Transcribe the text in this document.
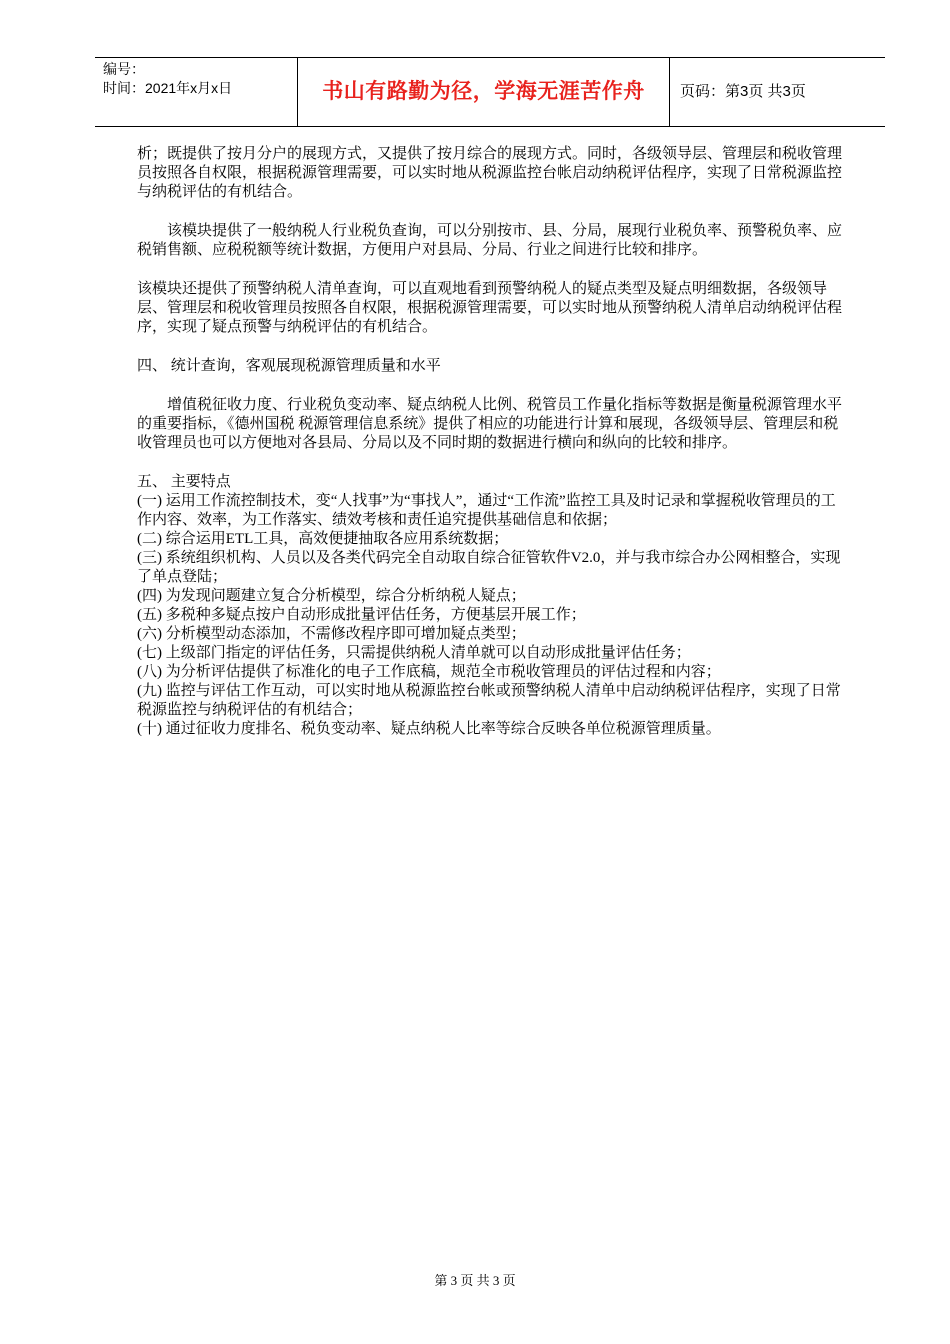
编号：
时间：2021年x月x日	书山有路勤为径，学海无涯苦作舟	页码：第3页 共3页

析；既提供了按月分户的展现方式，又提供了按月综合的展现方式。同时，各级领导层、管理层和税收管理员按照各自权限，根据税源管理需要，可以实时地从税源监控台帐启动纳税评估程序，实现了日常税源监控与纳税评估的有机结合。

该模块提供了一般纳税人行业税负查询，可以分别按市、县、分局，展现行业税负率、预警税负率、应税销售额、应税税额等统计数据，方便用户对县局、分局、行业之间进行比较和排序。

该模块还提供了预警纳税人清单查询，可以直观地看到预警纳税人的疑点类型及疑点明细数据，各级领导层、管理层和税收管理员按照各自权限，根据税源管理需要，可以实时地从预警纳税人清单启动纳税评估程序，实现了疑点预警与纳税评估的有机结合。

四、 统计查询，客观展现税源管理质量和水平

增值税征收力度、行业税负变动率、疑点纳税人比例、税管员工作量化指标等数据是衡量税源管理水平的重要指标，《德州国税 税源管理信息系统》提供了相应的功能进行计算和展现，各级领导层、管理层和税收管理员也可以方便地对各县局、分局以及不同时期的数据进行横向和纵向的比较和排序。

五、 主要特点

(一) 运用工作流控制技术，变“人找事”为“事找人”，通过“工作流”监控工具及时记录和掌握税收管理员的工作内容、效率，为工作落实、绩效考核和责任追究提供基础信息和依据；

(二) 综合运用ETL工具，高效便捷抽取各应用系统数据；

(三) 系统组织机构、人员以及各类代码完全自动取自综合征管软件V2.0，并与我市综合办公网相整合，实现了单点登陆；

(四) 为发现问题建立复合分析模型，综合分析纳税人疑点；

(五) 多税种多疑点按户自动形成批量评估任务，方便基层开展工作；

(六) 分析模型动态添加，不需修改程序即可增加疑点类型；

(七) 上级部门指定的评估任务，只需提供纳税人清单就可以自动形成批量评估任务；

(八) 为分析评估提供了标准化的电子工作底稿，规范全市税收管理员的评估过程和内容；

(九) 监控与评估工作互动，可以实时地从税源监控台帐或预警纳税人清单中启动纳税评估程序，实现了日常税源监控与纳税评估的有机结合；

(十) 通过征收力度排名、税负变动率、疑点纳税人比率等综合反映各单位税源管理质量。

第 3 页 共 3 页
